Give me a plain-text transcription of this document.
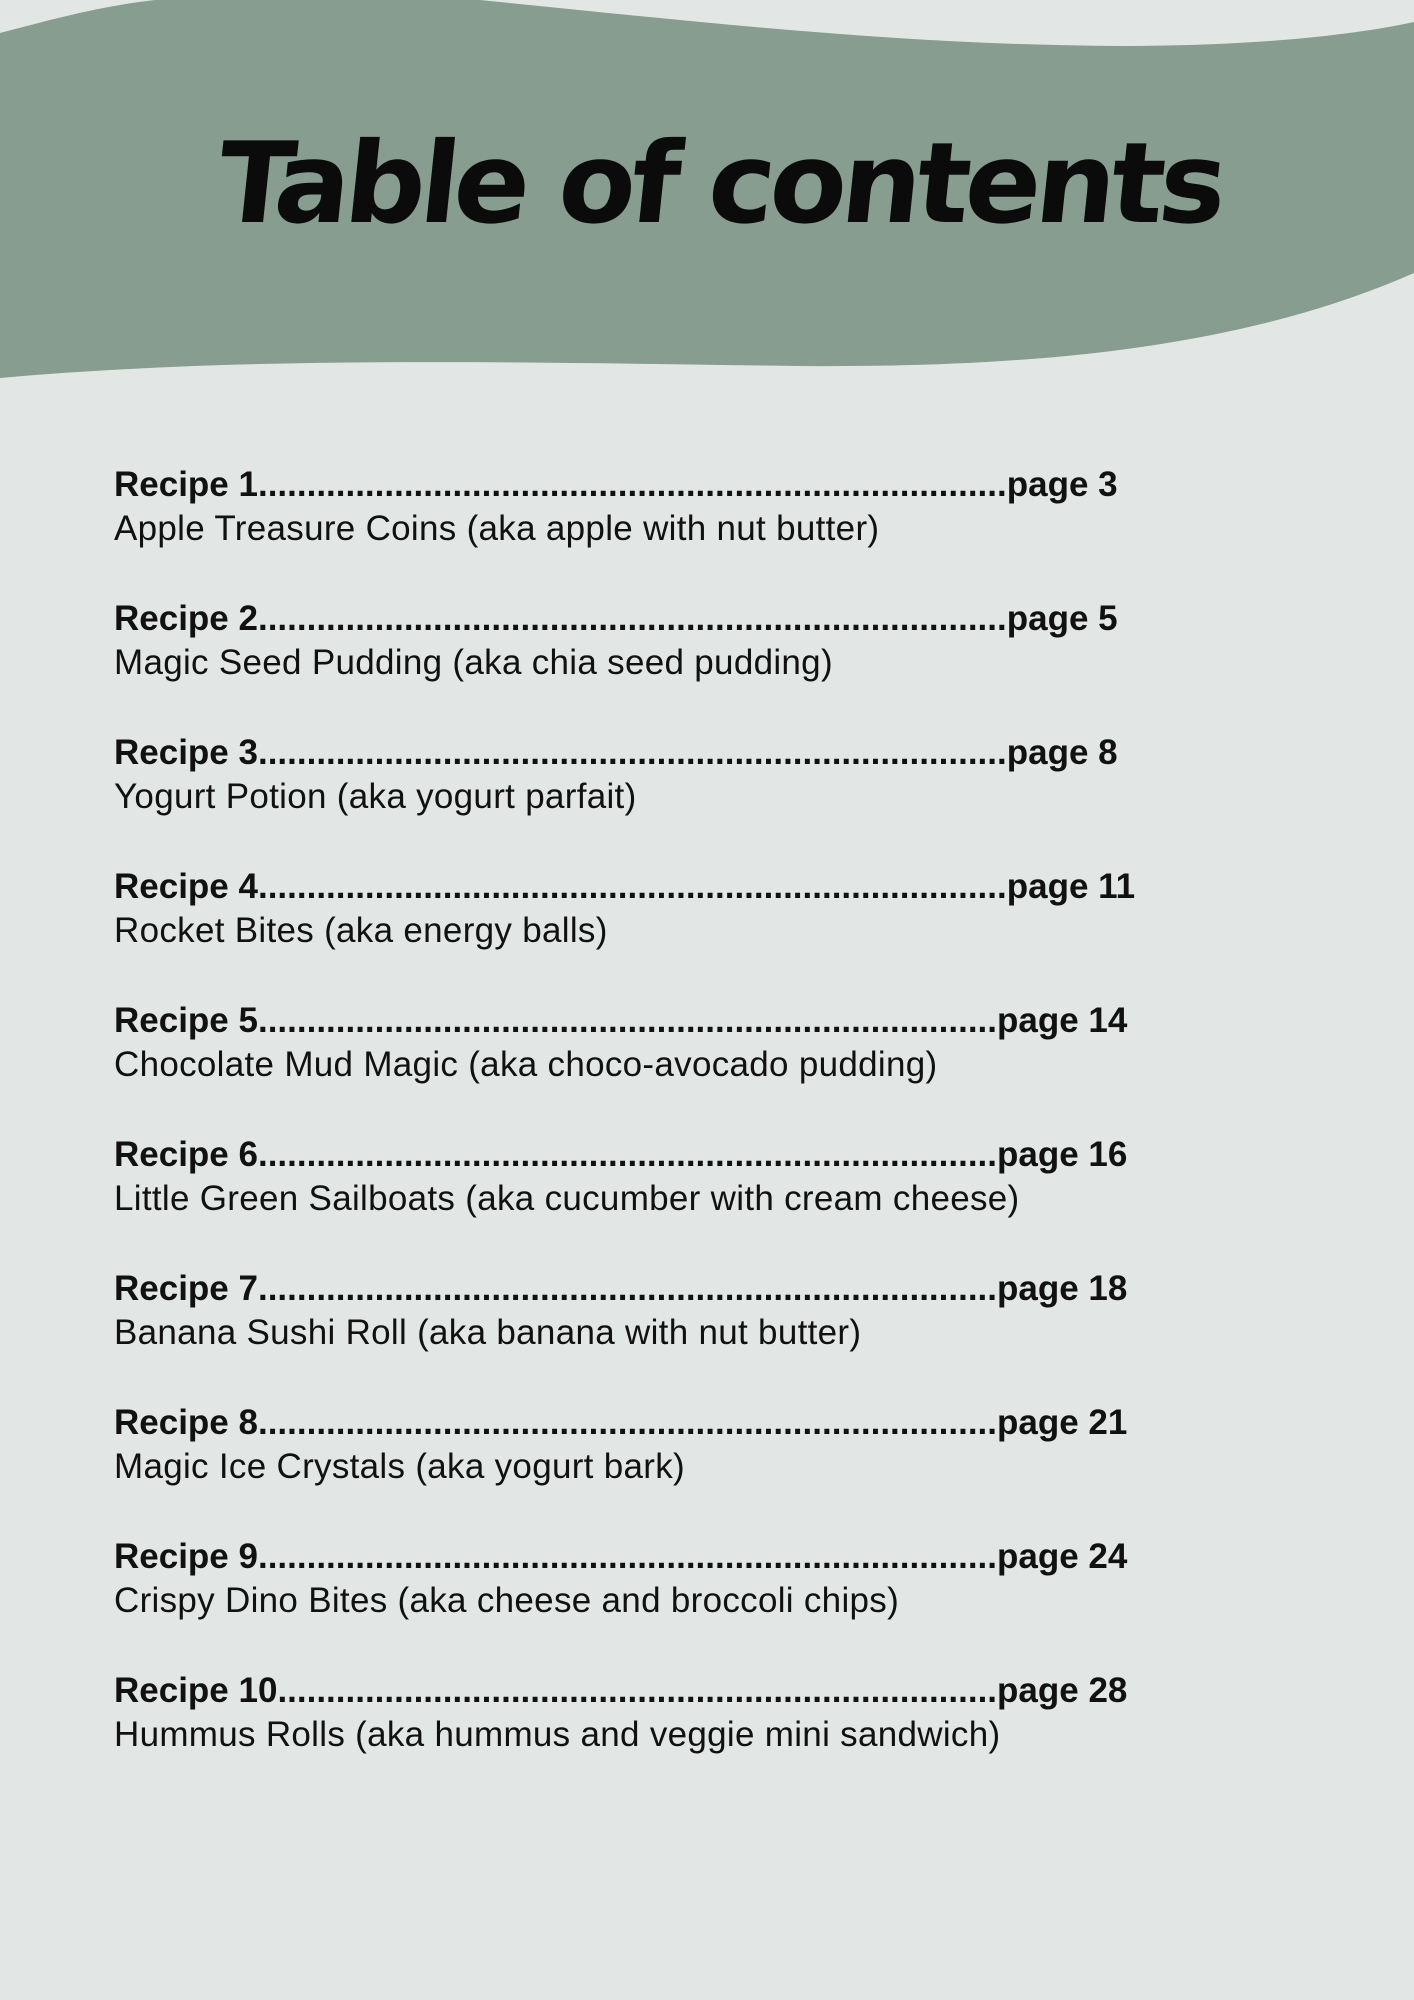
Table of contents
Recipe 1.............................................................................page 3
Apple Treasure Coins (aka apple with nut butter)
Recipe 2.............................................................................page 5
Magic Seed Pudding (aka chia seed pudding)
Recipe 3.............................................................................page 8
Yogurt Potion (aka yogurt parfait)
Recipe 4.............................................................................page 11
Rocket Bites (aka energy balls)
Recipe 5............................................................................page 14
Chocolate Mud Magic (aka choco-avocado pudding)
Recipe 6............................................................................page 16
Little Green Sailboats (aka cucumber with cream cheese)
Recipe 7............................................................................page 18
Banana Sushi Roll (aka banana with nut butter)
Recipe 8............................................................................page 21
Magic Ice Crystals (aka yogurt bark)
Recipe 9............................................................................page 24
Crispy Dino Bites (aka cheese and broccoli chips)
Recipe 10..........................................................................page 28
Hummus Rolls (aka hummus and veggie mini sandwich)
